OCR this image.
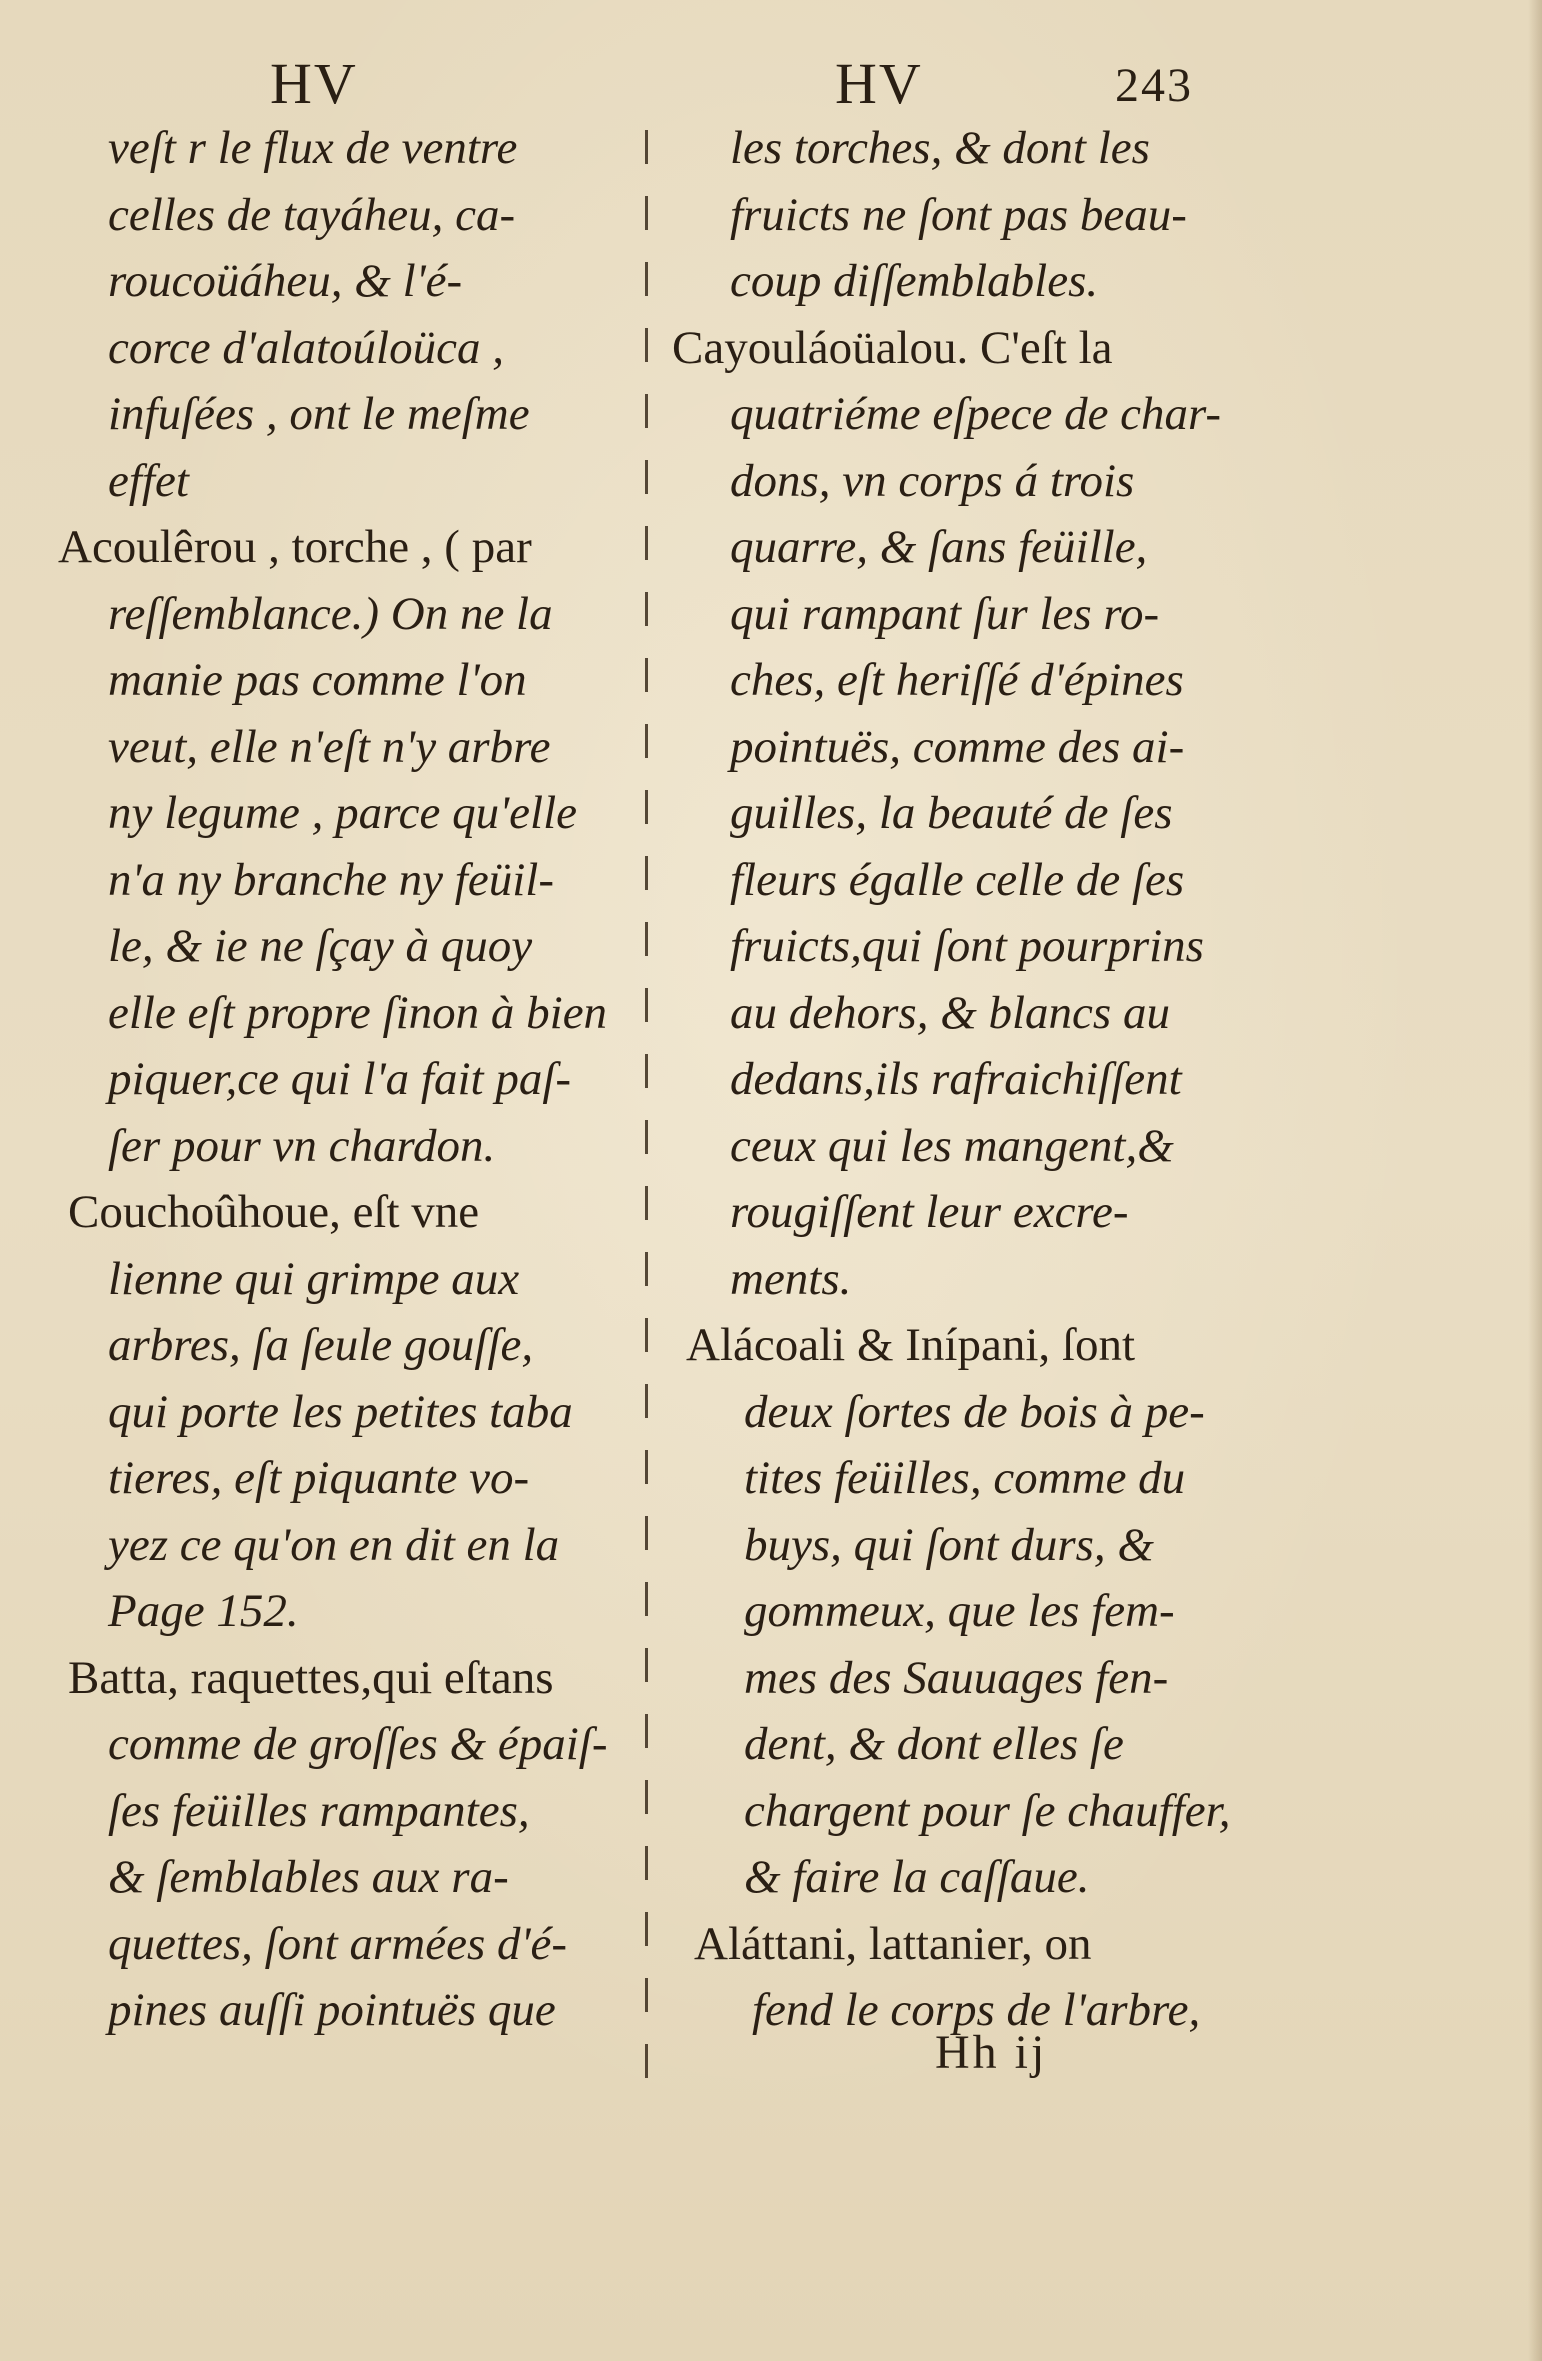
HV	HV	243
veſt r le flux de ventre
celles de tayáheu, ca-
roucoüáheu, & l'é-
corce d'alatoúloüca ,
infuſées , ont le meſme
effet
Acoulêrou , torche , ( par
reſſemblance.) On ne la
manie pas comme l'on
veut, elle n'eſt n'y arbre
ny legume , parce qu'elle
n'a ny branche ny feüil-
le, & ie ne ſçay à quoy
elle eſt propre ſinon à bien
piquer,ce qui l'a fait paſ-
ſer pour vn chardon.
Couchoûhoue, eſt vne
lienne qui grimpe aux
arbres, ſa ſeule gouſſe,
qui porte les petites taba
tieres, eſt piquante vo-
yez ce qu'on en dit en la
Page 152.
Batta, raquettes,qui eſtans
comme de groſſes & épaiſ-
ſes feüilles rampantes,
& ſemblables aux ra-
quettes, ſont armées d'é-
pines auſſi pointuës que
les torches, & dont les
fruicts ne ſont pas beau-
coup diſſemblables.
Cayouláoüalou. C'eſt la
quatriéme eſpece de char-
dons, vn corps á trois
quarre, & ſans feüille,
qui rampant ſur les ro-
ches, eſt heriſſé d'épines
pointuës, comme des ai-
guilles, la beauté de ſes
fleurs égalle celle de ſes
fruicts,qui ſont pourprins
au dehors, & blancs au
dedans,ils rafraichiſſent
ceux qui les mangent,&
rougiſſent leur excre-
ments.
Alácoali & Inípani, ſont
deux ſortes de bois à pe-
tites feüilles, comme du
buys, qui ſont durs, &
gommeux, que les fem-
mes des Sauuages fen-
dent, & dont elles ſe
chargent pour ſe chauffer,
& faire la caſſaue.
Aláttani, lattanier, on
fend le corps de l'arbre,
Hh ij
